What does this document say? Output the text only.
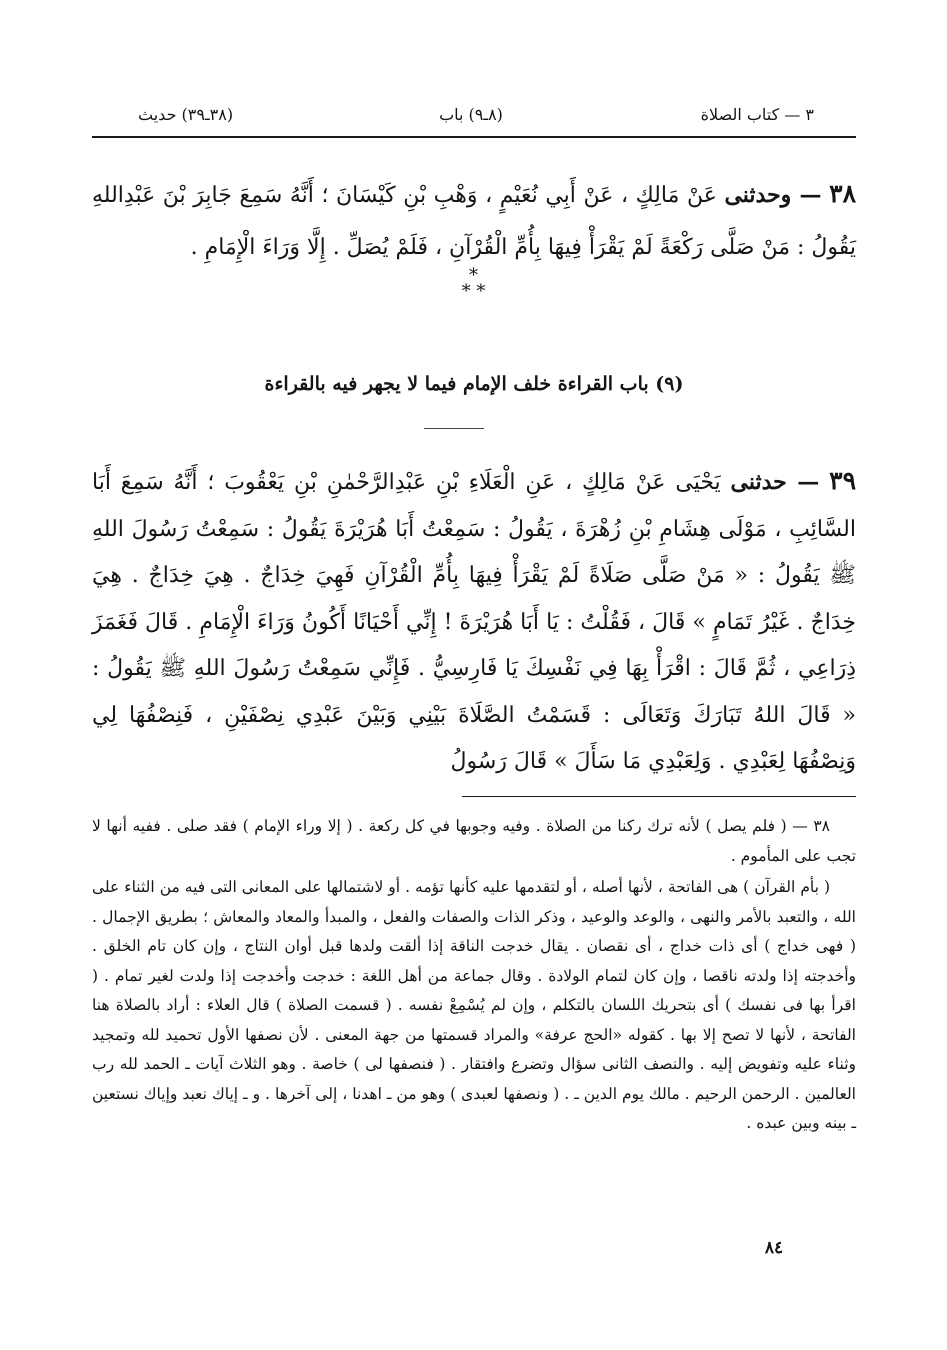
٣ — كتاب الصلاة
(٨ـ٩) باب
(٣٨ـ٣٩) حديث

٣٨ — وحدثنى عَنْ مَالِكٍ ، عَنْ أَبِي نُعَيْمٍ ، وَهْبِ بْنِ كَيْسَانَ ؛ أَنَّهُ سَمِعَ جَابِرَ بْنَ عَبْدِاللهِ يَقُولُ : مَنْ صَلَّى رَكْعَةً لَمْ يَقْرَأْ فِيهَا بِأُمِّ الْقُرْآنِ ، فَلَمْ يُصَلِّ . إِلَّا وَرَاءَ الْإِمَامِ .

*
* *
(٩) باب القراءة خلف الإمام فيما لا يجهر فيه بالقراءة

٣٩ — حدثنى يَحْيَى عَنْ مَالِكٍ ، عَنِ الْعَلَاءِ بْنِ عَبْدِالرَّحْمٰنِ بْنِ يَعْقُوبَ ؛ أَنَّهُ سَمِعَ أَبَا السَّائِبِ ، مَوْلَى هِشَامِ بْنِ زُهْرَةَ ، يَقُولُ : سَمِعْتُ أَبَا هُرَيْرَةَ يَقُولُ : سَمِعْتُ رَسُولَ اللهِ ﷺ يَقُولُ : « مَنْ صَلَّى صَلَاةً لَمْ يَقْرَأْ فِيهَا بِأُمِّ الْقُرْآنِ فَهِيَ خِدَاجٌ . هِيَ خِدَاجٌ . هِيَ خِدَاجٌ . غَيْرُ تَمَامٍ » قَالَ ، فَقُلْتُ : يَا أَبَا هُرَيْرَةَ ! إِنِّي أَحْيَانًا أَكُونُ وَرَاءَ الْإِمَامِ . قَالَ فَغَمَزَ ذِرَاعِي ، ثُمَّ قَالَ : اقْرَأْ بِهَا فِي نَفْسِكَ يَا فَارِسِيُّ . فَإِنِّي سَمِعْتُ رَسُولَ اللهِ ﷺ يَقُولُ : « قَالَ اللهُ تَبَارَكَ وَتَعَالَى : قَسَمْتُ الصَّلَاةَ بَيْنِي وَبَيْنَ عَبْدِي نِصْفَيْنِ ، فَنِصْفُهَا لِي وَنِصْفُهَا لِعَبْدِي . وَلِعَبْدِي مَا سَأَلَ » قَالَ رَسُولُ

٣٨ — ( فلم يصل ) لأنه ترك ركنا من الصلاة . وفيه وجوبها في كل ركعة . ( إلا وراء الإمام ) فقد صلى . ففيه أنها لا تجب على المأموم .

( بأم القرآن ) هى الفاتحة ، لأنها أصله ، أو لتقدمها عليه كأنها تؤمه . أو لاشتمالها على المعانى التى فيه من الثناء على الله ، والتعبد بالأمر والنهى ، والوعد والوعيد ، وذكر الذات والصفات والفعل ، والمبدأ والمعاد والمعاش ؛ بطريق الإجمال . ( فهى خداج ) أى ذات خداج ، أى نقصان . يقال خدجت الناقة إذا ألقت ولدها قبل أوان النتاج ، وإن كان تام الخلق . وأخدجته إذا ولدته ناقصا ، وإن كان لتمام الولادة . وقال جماعة من أهل اللغة : خدجت وأخدجت إذا ولدت لغير تمام . ( اقرأ بها فى نفسك ) أى بتحريك اللسان بالتكلم ، وإن لم يُسْمِعْ نفسه . ( قسمت الصلاة ) قال العلاء : أراد بالصلاة هنا الفاتحة ، لأنها لا تصح إلا بها . كقوله «الحج عرفة» والمراد قسمتها من جهة المعنى . لأن نصفها الأول تحميد لله وتمجيد وثناء عليه وتفويض إليه . والنصف الثانى سؤال وتضرع وافتقار . ( فنصفها لى ) خاصة . وهو الثلاث آيات ـ الحمد لله رب العالمين . الرحمن الرحيم . مالك يوم الدين ـ . ( ونصفها لعبدى ) وهو من ـ اهدنا ، إلى آخرها . و ـ إياك نعبد وإياك نستعين ـ بينه وبين عبده .

٨٤
